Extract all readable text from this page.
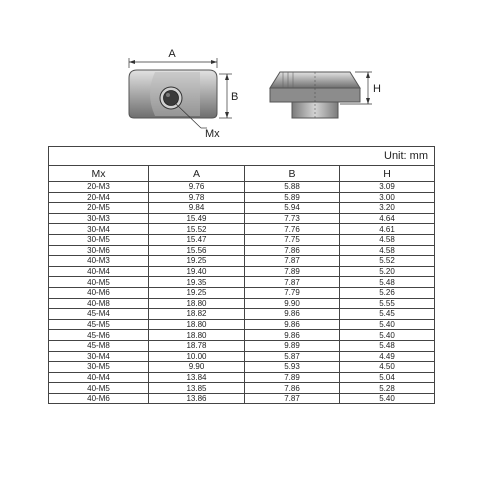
A
B
Mx
H
Unit: mm			
Mx	A	B	H
20-M3	9.76	5.88	3.09
20-M4	9.78	5.89	3.00
20-M5	9.84	5.94	3.20
30-M3	15.49	7.73	4.64
30-M4	15.52	7.76	4.61
30-M5	15.47	7.75	4.58
30-M6	15.56	7.86	4.58
40-M3	19.25	7.87	5.52
40-M4	19.40	7.89	5.20
40-M5	19.35	7.87	5.48
40-M6	19.25	7.79	5.26
40-M8	18.80	9.90	5.55
45-M4	18.82	9.86	5.45
45-M5	18.80	9.86	5.40
45-M6	18.80	9.86	5.40
45-M8	18.78	9.89	5.48
30-M4	10.00	5.87	4.49
30-M5	9.90	5.93	4.50
40-M4	13.84	7.89	5.04
40-M5	13.85	7.86	5.28
40-M6	13.86	7.87	5.40
